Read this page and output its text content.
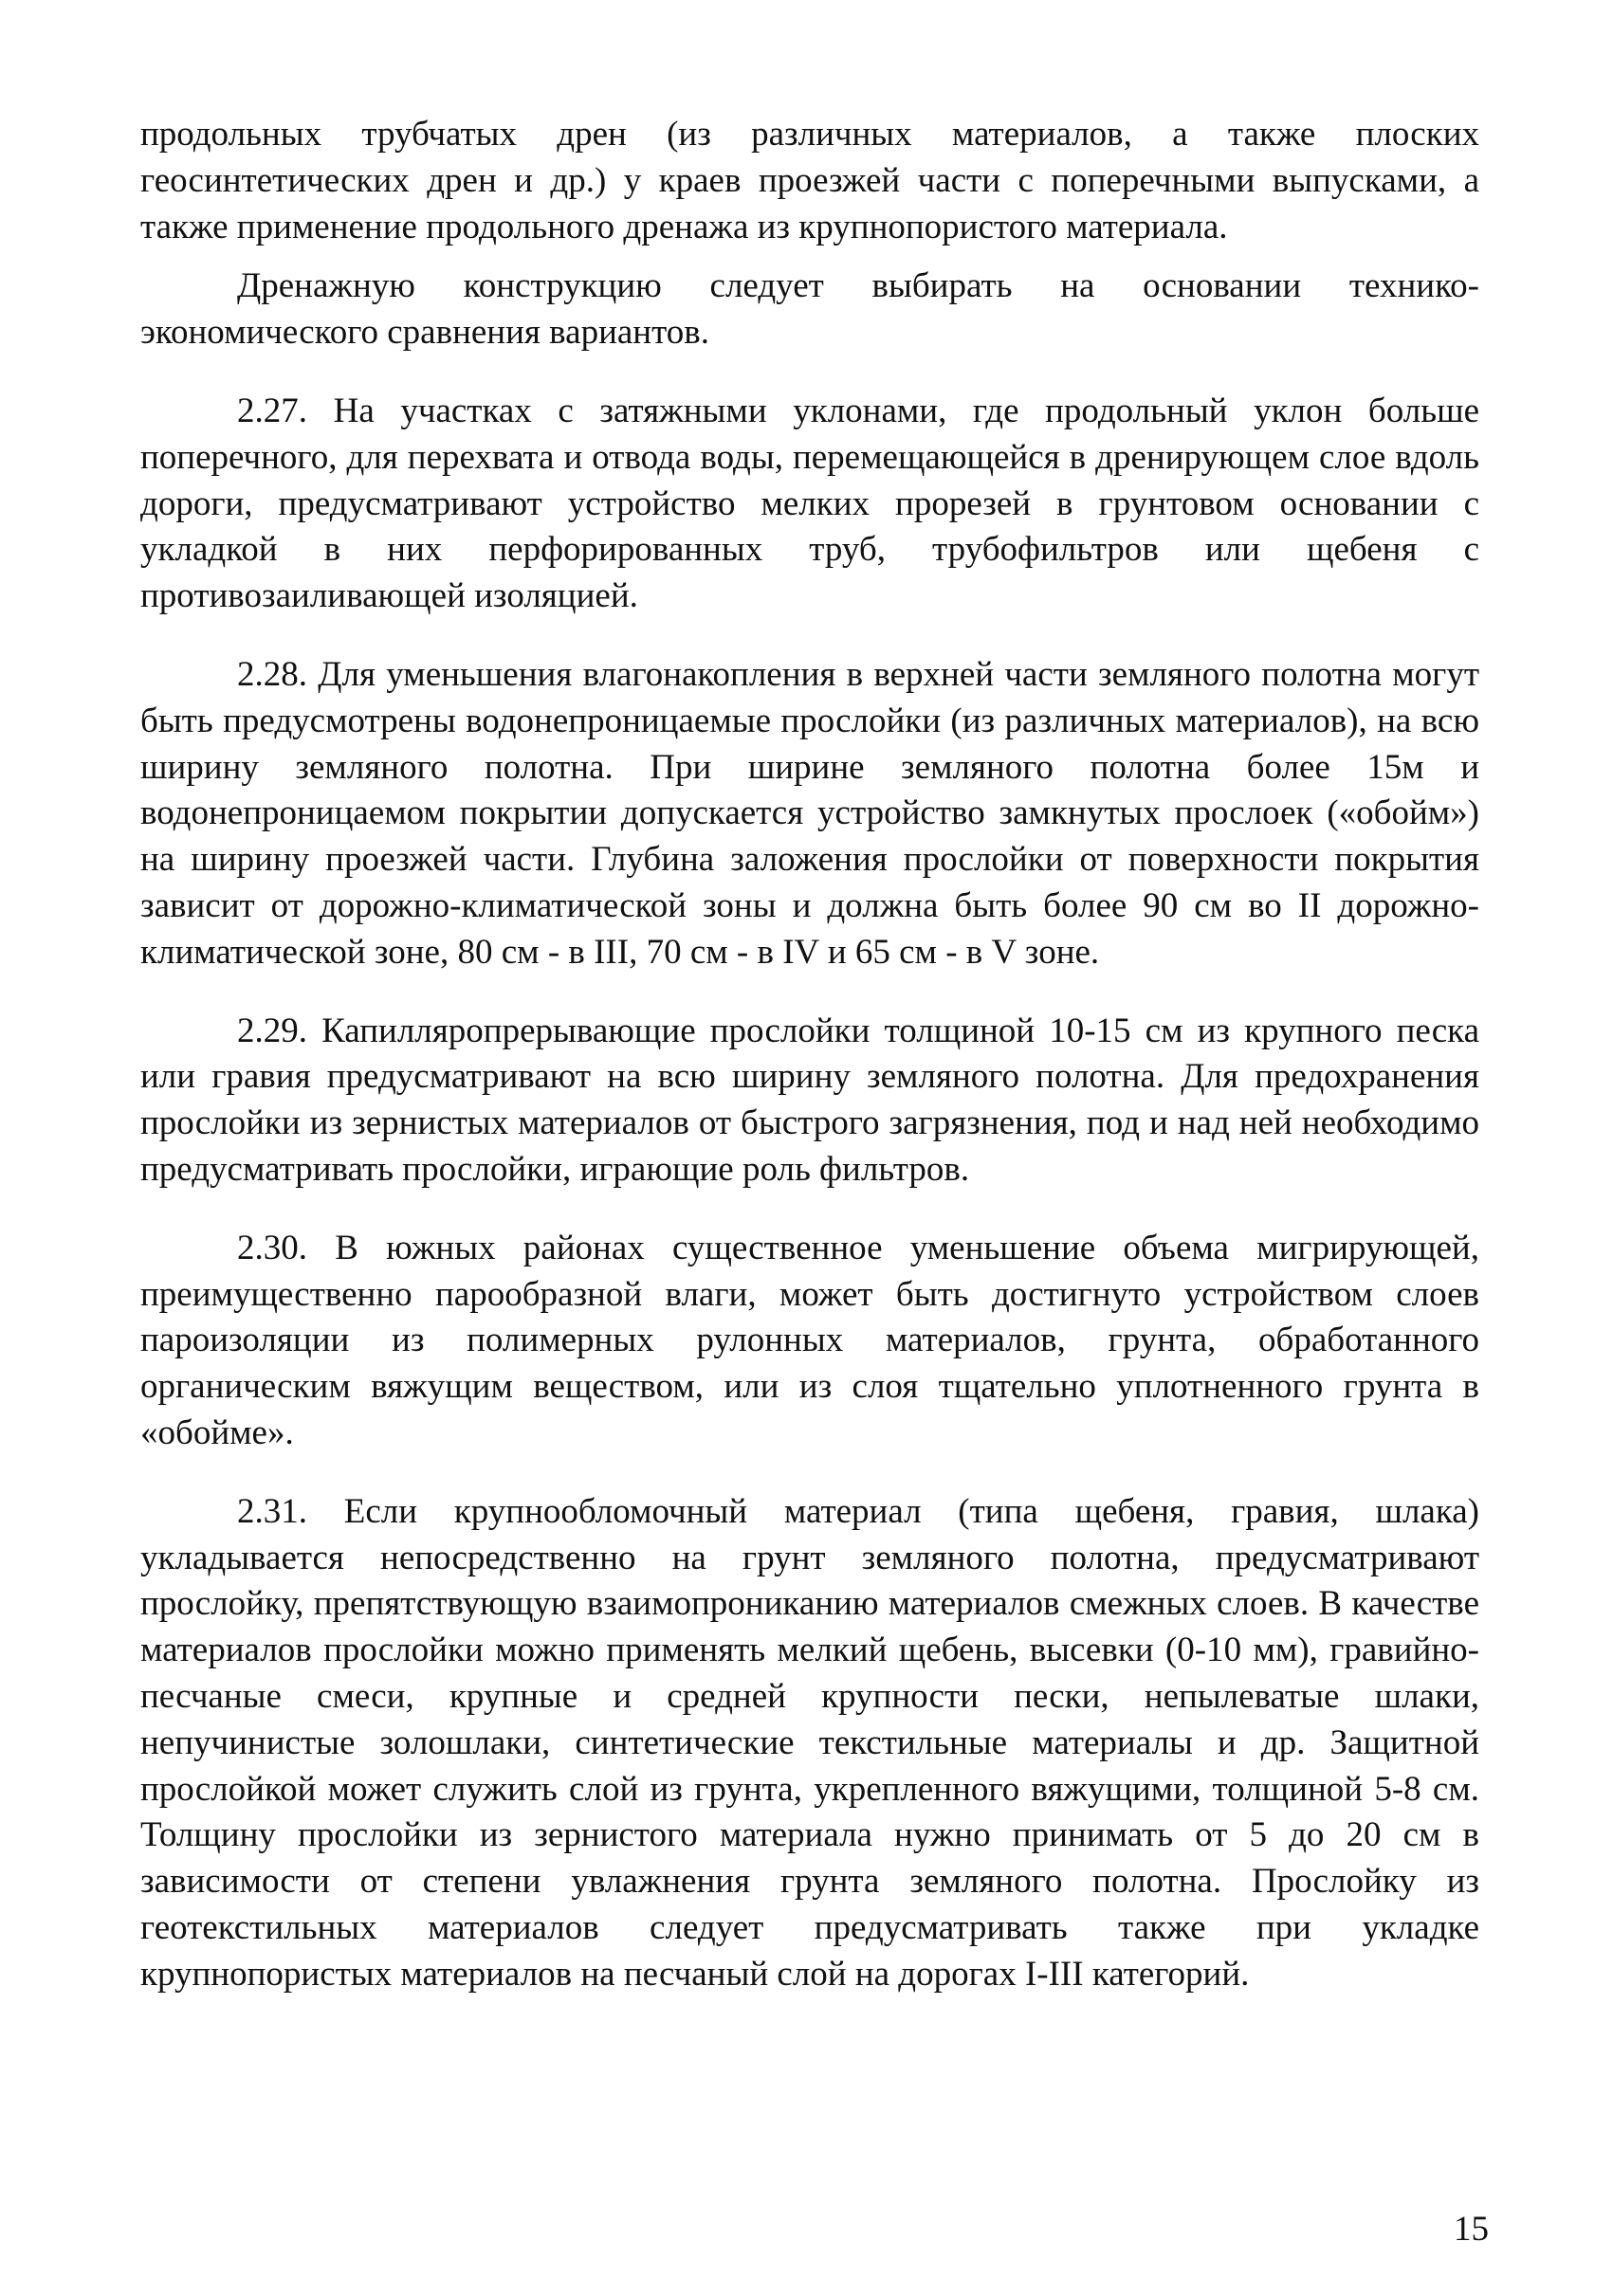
продольных трубчатых дрен (из различных материалов, а также плоских геосинтетических дрен и др.) у краев проезжей части с поперечными выпусками, а также применение продольного дренажа из крупнопористого материала.

Дренажную конструкцию следует выбирать на основании технико-экономического сравнения вариантов.

2.27. На участках с затяжными уклонами, где продольный уклон больше поперечного, для перехвата и отвода воды, перемещающейся в дренирующем слое вдоль дороги, предусматривают устройство мелких прорезей в грунтовом основании с укладкой в них перфорированных труб, трубофильтров или щебеня с противозаиливающей изоляцией.

2.28. Для уменьшения влагонакопления в верхней части земляного полотна могут быть предусмотрены водонепроницаемые прослойки (из различных материалов), на всю ширину земляного полотна. При ширине земляного полотна более 15м и водонепроницаемом покрытии допускается устройство замкнутых прослоек («обойм») на ширину проезжей части. Глубина заложения прослойки от поверхности покрытия зависит от дорожно-климатической зоны и должна быть более 90 см во II дорожно-климатической зоне, 80 см - в III, 70 см - в IV и 65 см - в V зоне.

2.29. Капилляропрерывающие прослойки толщиной 10-15 см из крупного песка или гравия предусматривают на всю ширину земляного полотна. Для предохранения прослойки из зернистых материалов от быстрого загрязнения, под и над ней необходимо предусматривать прослойки, играющие роль фильтров.

2.30. В южных районах существенное уменьшение объема мигрирующей, преимущественно парообразной влаги, может быть достигнуто устройством слоев пароизоляции из полимерных рулонных материалов, грунта, обработанного органическим вяжущим веществом, или из слоя тщательно уплотненного грунта в «обойме».

2.31. Если крупнообломочный материал (типа щебеня, гравия, шлака) укладывается непосредственно на грунт земляного полотна, предусматривают прослойку, препятствующую взаимопрониканию материалов смежных слоев. В качестве материалов прослойки можно применять мелкий щебень, высевки (0-10 мм), гравийно-песчаные смеси, крупные и средней крупности пески, непылеватые шлаки, непучинистые золошлаки, синтетические текстильные материалы и др. Защитной прослойкой может служить слой из грунта, укрепленного вяжущими, толщиной 5-8 см. Толщину прослойки из зернистого материала нужно принимать от 5 до 20 см в зависимости от степени увлажнения грунта земляного полотна. Прослойку из геотекстильных материалов следует предусматривать также при укладке крупнопористых материалов на песчаный слой на дорогах I-III категорий.

15
